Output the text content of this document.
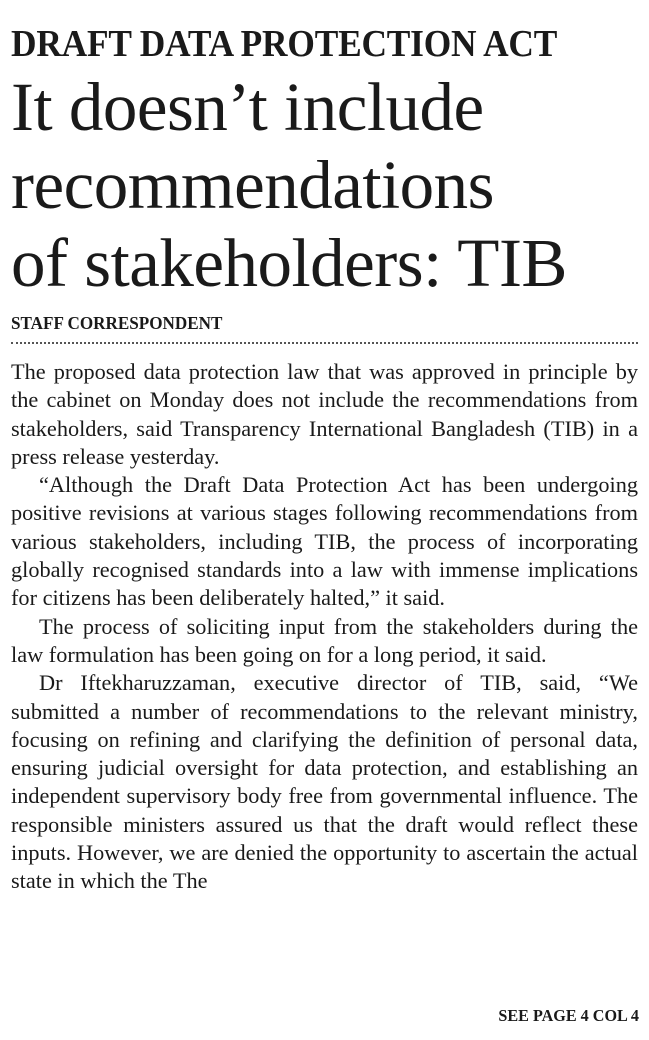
DRAFT DATA PROTECTION ACT
It doesn’t include
recommendations
of stakeholders: TIB
STAFF CORRESPONDENT

The proposed data protection law that was approved in principle by the cabinet on Monday does not include the recommendations from stakeholders, said Transparency International Bangladesh (TIB) in a press release yesterday.

“Although the Draft Data Protection Act has been undergoing positive revisions at various stages following recommendations from various stakeholders, including TIB, the process of incorporating globally recognised standards into a law with immense implications for citizens has been deliberately halted,” it said.

The process of soliciting input from the stakeholders during the law formulation has been going on for a long period, it said.

Dr Iftekharuzzaman, executive director of TIB, said, “We submitted a number of recommendations to the relevant ministry, focusing on refining and clarifying the definition of personal data, ensuring judicial oversight for data protection, and establishing an independent supervisory body free from governmental influence. The responsible ministers assured us that the draft would reflect these inputs. However, we are denied the opportunity to ascertain the actual state in which the The

SEE PAGE 4 COL 4
